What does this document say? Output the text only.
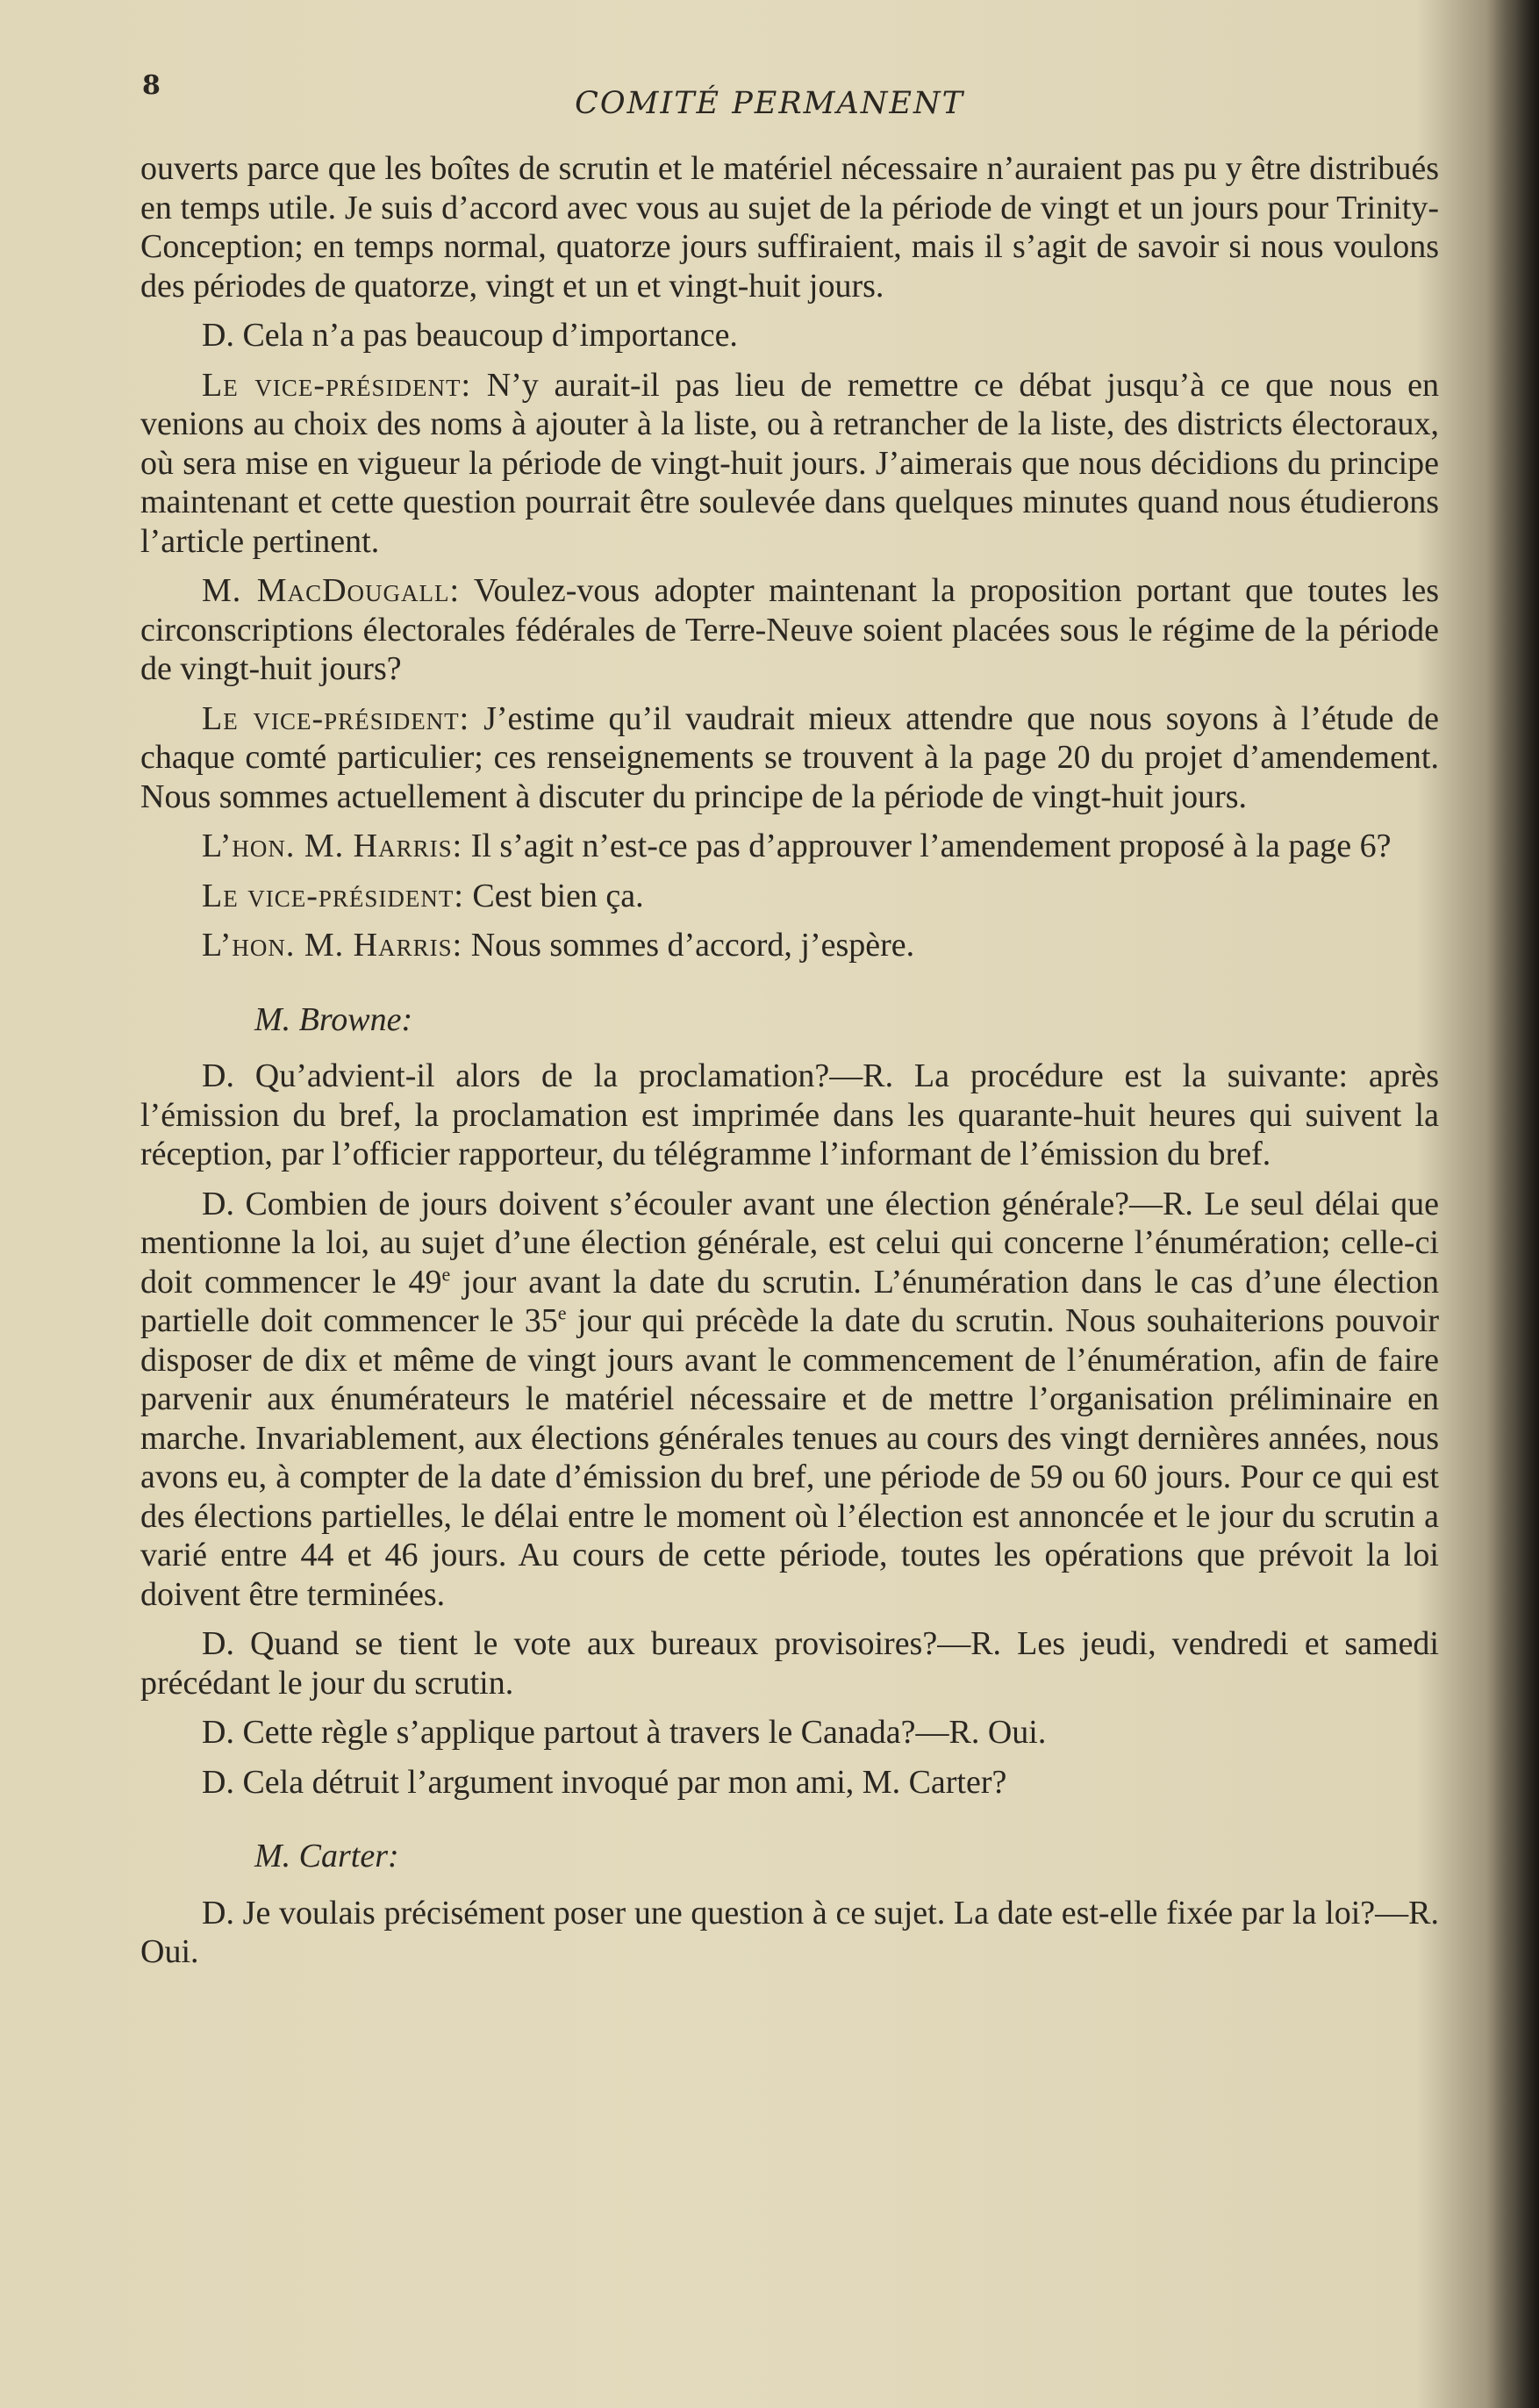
8
COMITÉ PERMANENT

ouverts parce que les boîtes de scrutin et le matériel nécessaire n’auraient pas pu y être distribués en temps utile. Je suis d’accord avec vous au sujet de la période de vingt et un jours pour Trinity-Conception; en temps normal, quatorze jours suffiraient, mais il s’agit de savoir si nous voulons des périodes de quatorze, vingt et un et vingt-huit jours.

D. Cela n’a pas beaucoup d’importance.

Le vice-président: N’y aurait-il pas lieu de remettre ce débat jusqu’à ce que nous en venions au choix des noms à ajouter à la liste, ou à retrancher de la liste, des districts électoraux, où sera mise en vigueur la période de vingt-huit jours. J’aimerais que nous décidions du principe maintenant et cette question pourrait être soulevée dans quelques minutes quand nous étudierons l’article pertinent.

M. MacDougall: Voulez-vous adopter maintenant la proposition portant que toutes les circonscriptions électorales fédérales de Terre-Neuve soient placées sous le régime de la période de vingt-huit jours?

Le vice-président: J’estime qu’il vaudrait mieux attendre que nous soyons à l’étude de chaque comté particulier; ces renseignements se trouvent à la page 20 du projet d’amendement. Nous sommes actuellement à discuter du principe de la période de vingt-huit jours.

L’hon. M. Harris: Il s’agit n’est-ce pas d’approuver l’amendement proposé à la page 6?

Le vice-président: Cest bien ça.

L’hon. M. Harris: Nous sommes d’accord, j’espère.

M. Browne:

D. Qu’advient-il alors de la proclamation?—R. La procédure est la suivante: après l’émission du bref, la proclamation est imprimée dans les quarante-huit heures qui suivent la réception, par l’officier rapporteur, du télégramme l’informant de l’émission du bref.

D. Combien de jours doivent s’écouler avant une élection générale?—R. Le seul délai que mentionne la loi, au sujet d’une élection générale, est celui qui concerne l’énumération; celle-ci doit commencer le 49e jour avant la date du scrutin. L’énumération dans le cas d’une élection partielle doit commencer le 35e jour qui précède la date du scrutin. Nous souhaiterions pouvoir disposer de dix et même de vingt jours avant le commencement de l’énumération, afin de faire parvenir aux énumérateurs le matériel nécessaire et de mettre l’organisation préliminaire en marche. Invariablement, aux élections générales tenues au cours des vingt dernières années, nous avons eu, à compter de la date d’émission du bref, une période de 59 ou 60 jours. Pour ce qui est des élections partielles, le délai entre le moment où l’élection est annoncée et le jour du scrutin a varié entre 44 et 46 jours. Au cours de cette période, toutes les opérations que prévoit la loi doivent être terminées.

D. Quand se tient le vote aux bureaux provisoires?—R. Les jeudi, vendredi et samedi précédant le jour du scrutin.

D. Cette règle s’applique partout à travers le Canada?—R. Oui.

D. Cela détruit l’argument invoqué par mon ami, M. Carter?

M. Carter:

D. Je voulais précisément poser une question à ce sujet. La date est-elle fixée par la loi?—R. Oui.
